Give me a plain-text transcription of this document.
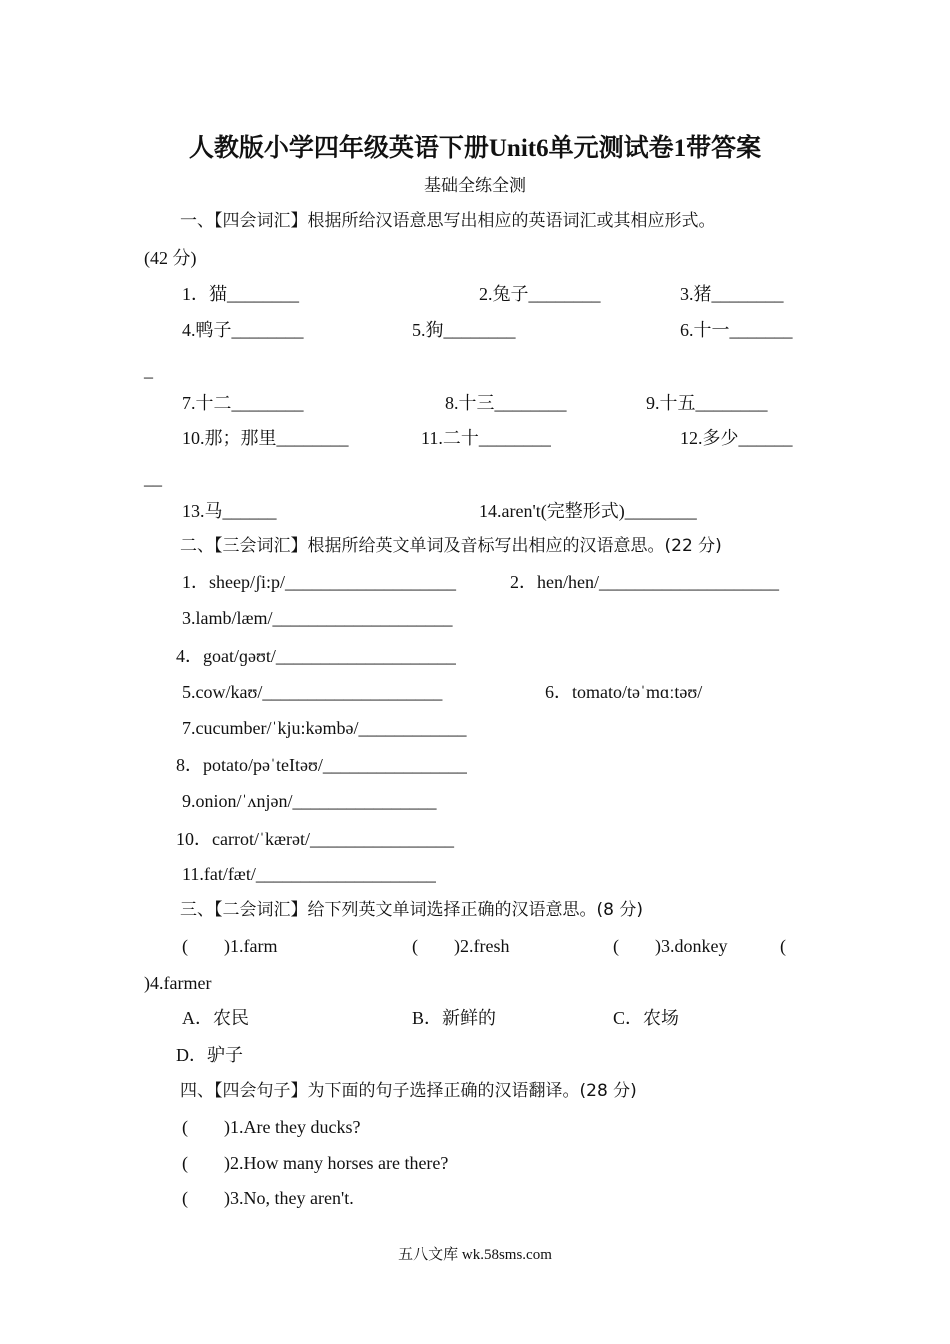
人教版小学四年级英语下册Unit6单元测试卷1带答案
基础全练全测
一、【四会词汇】根据所给汉语意思写出相应的英语词汇或其相应形式。
(42 分)
1．猫________	2.兔子________	3.猪________
4.鸭子________	5.狗________	6.十一_______
_
7.十二________	8.十三________	9.十五________
10.那；那里________	11.二十________	12.多少______
__
13.马______	14.aren't(完整形式)________
二、【三会词汇】根据所给英文单词及音标写出相应的汉语意思。(22 分)
1．sheep/ʃi:p/___________________	2．hen/hen/____________________
3.lamb/læm/____________________
4．goat/ɡəʊt/____________________
5.cow/kaʊ/____________________	6．tomato/təˈmɑːtəʊ/
7.cucumber/ˈkju:kəmbə/____________
8．potato/pəˈteItəʊ/________________
9.onion/ˈʌnjən/________________
10．carrot/ˈkærət/________________
11.fat/fæt/____________________
三、【二会词汇】给下列英文单词选择正确的汉语意思。(8 分)
(　　)1.farm	(　　)2.fresh	(　　)3.donkey	(
)4.farmer
A．农民	B．新鲜的	C．农场
D．驴子
四、【四会句子】为下面的句子选择正确的汉语翻译。(28 分)
(　　)1.Are they ducks?
(　　)2.How many horses are there?
(　　)3.No, they aren't.
五八文库 wk.58sms.com
